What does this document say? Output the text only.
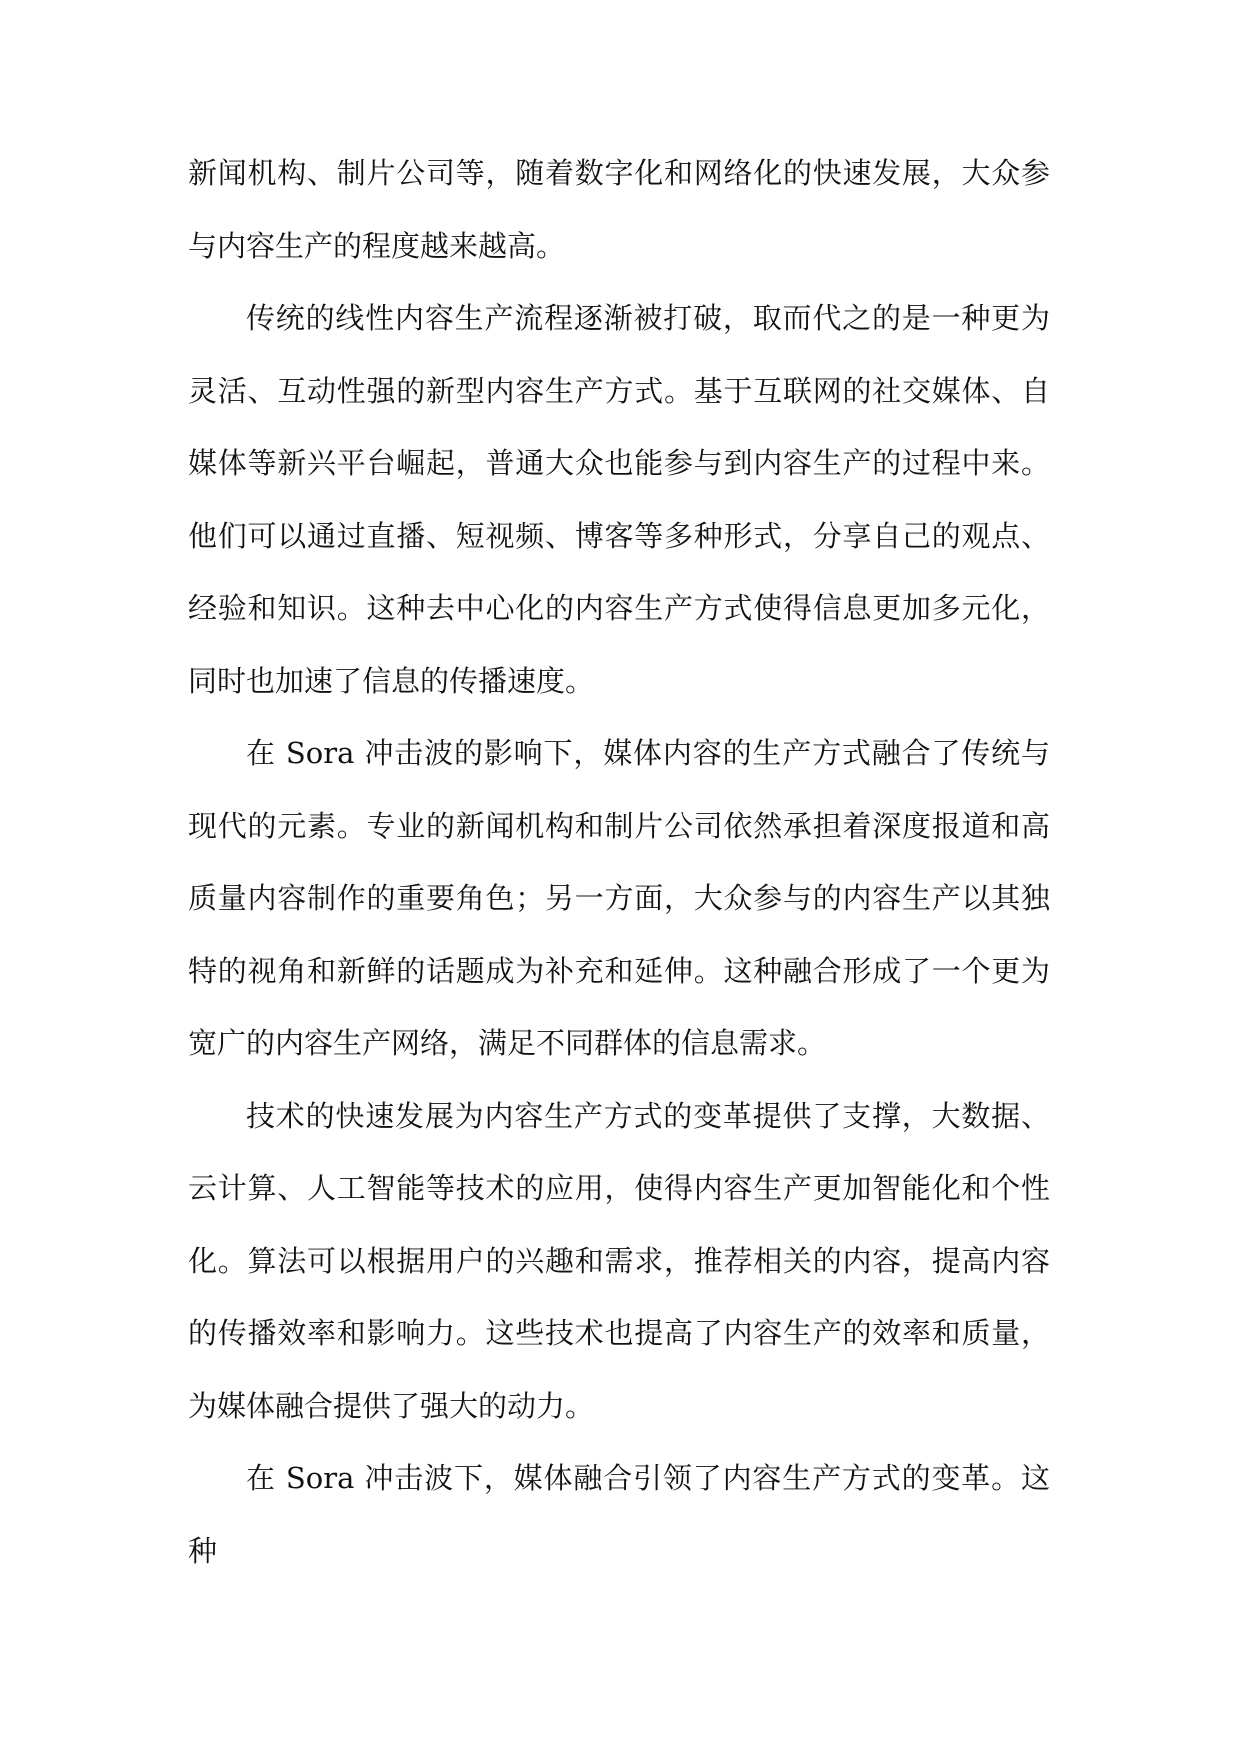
新闻机构、制片公司等，随着数字化和网络化的快速发展，大众参与内容生产的程度越来越高。

传统的线性内容生产流程逐渐被打破，取而代之的是一种更为灵活、互动性强的新型内容生产方式。基于互联网的社交媒体、自媒体等新兴平台崛起，普通大众也能参与到内容生产的过程中来。他们可以通过直播、短视频、博客等多种形式，分享自己的观点、经验和知识。这种去中心化的内容生产方式使得信息更加多元化，同时也加速了信息的传播速度。

在 Sora 冲击波的影响下，媒体内容的生产方式融合了传统与现代的元素。专业的新闻机构和制片公司依然承担着深度报道和高质量内容制作的重要角色；另一方面，大众参与的内容生产以其独特的视角和新鲜的话题成为补充和延伸。这种融合形成了一个更为宽广的内容生产网络，满足不同群体的信息需求。

技术的快速发展为内容生产方式的变革提供了支撑，大数据、云计算、人工智能等技术的应用，使得内容生产更加智能化和个性化。算法可以根据用户的兴趣和需求，推荐相关的内容，提高内容的传播效率和影响力。这些技术也提高了内容生产的效率和质量，为媒体融合提供了强大的动力。

在 Sora 冲击波下，媒体融合引领了内容生产方式的变革。这种
